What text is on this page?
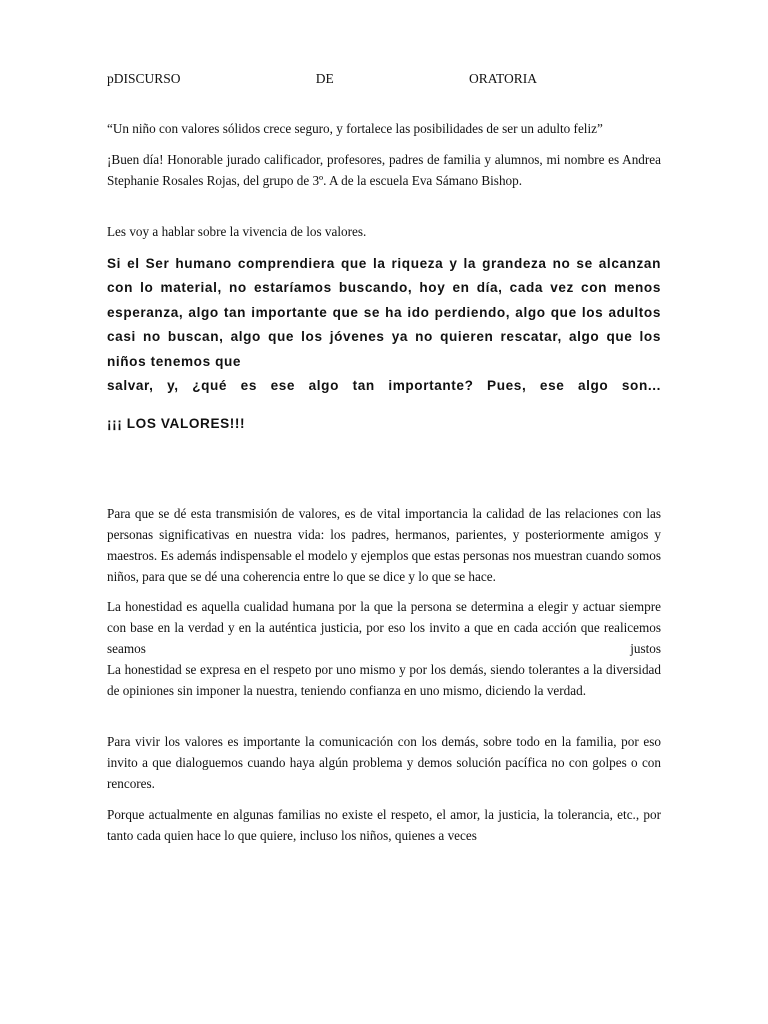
pDISCURSO	DE	ORATORIA

“Un niño con valores sólidos crece seguro, y fortalece las posibilidades de ser un adulto feliz”

¡Buen día! Honorable jurado calificador, profesores, padres de familia y alumnos, mi nombre es Andrea Stephanie Rosales Rojas, del grupo de 3º. A de la escuela Eva Sámano Bishop.

Les voy a hablar sobre la vivencia de los valores.

Si el Ser humano comprendiera que la riqueza y la grandeza no se alcanzan con lo material, no estaríamos buscando, hoy en día, cada vez con menos esperanza, algo tan importante que se ha ido perdiendo, algo que los adultos casi no buscan, algo que los jóvenes ya no quieren rescatar, algo que los niños tenemos que
salvar, y, ¿qué es ese algo tan importante? Pues, ese algo son...
¡¡¡ LOS VALORES!!!

Para que se dé esta transmisión de valores, es de vital importancia la calidad de las relaciones con las personas significativas en nuestra vida: los padres, hermanos, parientes, y posteriormente amigos y maestros. Es además indispensable el modelo y ejemplos que estas personas nos muestran cuando somos niños, para que se dé una coherencia entre lo que se dice y lo que se hace.

La honestidad es aquella cualidad humana por la que la persona se determina a elegir y actuar siempre con base en la verdad y en la auténtica justicia, por eso los invito a que en cada acción que realicemos seamos justos

La honestidad se expresa en el respeto por uno mismo y por los demás, siendo tolerantes a la diversidad de opiniones sin imponer la nuestra, teniendo confianza en uno mismo, diciendo la verdad.

Para vivir los valores es importante la comunicación con los demás, sobre todo en la familia, por eso invito a que dialoguemos cuando haya algún problema y demos solución pacífica no con golpes o con rencores.

Porque actualmente en algunas familias no existe el respeto, el amor, la justicia, la tolerancia, etc., por tanto cada quien hace lo que quiere, incluso los niños, quienes a veces
